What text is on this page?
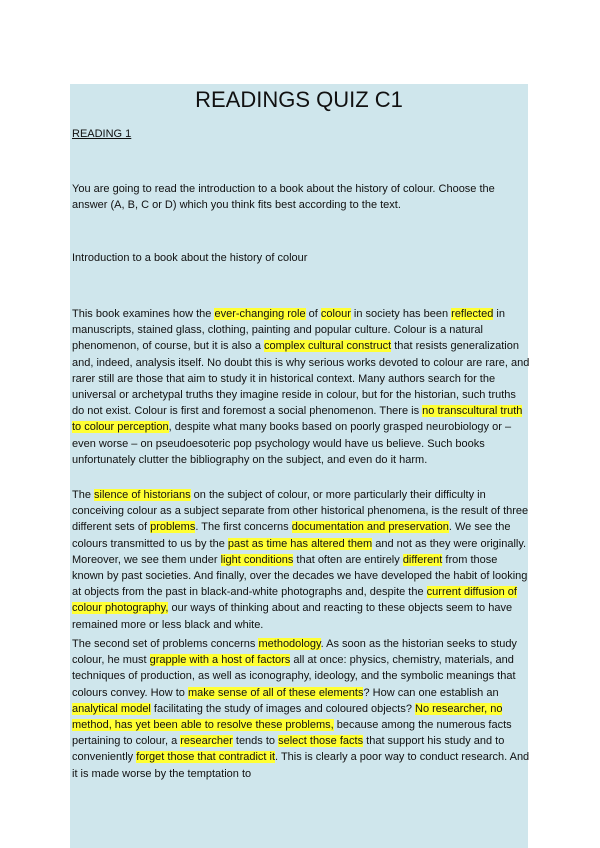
READINGS QUIZ C1

READING 1

You are going to read the introduction to a book about the history of colour. Choose the answer (A, B, C or D) which you think fits best according to the text.

Introduction to a book about the history of colour

This book examines how the ever-changing role of colour in society has been reflected in manuscripts, stained glass, clothing, painting and popular culture. Colour is a natural phenomenon, of course, but it is also a complex cultural construct that resists generalization and, indeed, analysis itself. No doubt this is why serious works devoted to colour are rare, and rarer still are those that aim to study it in historical context. Many authors search for the universal or archetypal truths they imagine reside in colour, but for the historian, such truths do not exist. Colour is first and foremost a social phenomenon. There is no transcultural truth to colour perception, despite what many books based on poorly grasped neurobiology or – even worse – on pseudoesoteric pop psychology would have us believe. Such books unfortunately clutter the bibliography on the subject, and even do it harm.

The silence of historians on the subject of colour, or more particularly their difficulty in conceiving colour as a subject separate from other historical phenomena, is the result of three different sets of problems. The first concerns documentation and preservation. We see the colours transmitted to us by the past as time has altered them and not as they were originally. Moreover, we see them under light conditions that often are entirely different from those known by past societies. And finally, over the decades we have developed the habit of looking at objects from the past in black-and-white photographs and, despite the current diffusion of colour photography, our ways of thinking about and reacting to these objects seem to have remained more or less black and white.

The second set of problems concerns methodology. As soon as the historian seeks to study colour, he must grapple with a host of factors all at once: physics, chemistry, materials, and techniques of production, as well as iconography, ideology, and the symbolic meanings that colours convey. How to make sense of all of these elements? How can one establish an analytical model facilitating the study of images and coloured objects? No researcher, no method, has yet been able to resolve these problems, because among the numerous facts pertaining to colour, a researcher tends to select those facts that support his study and to conveniently forget those that contradict it. This is clearly a poor way to conduct research. And it is made worse by the temptation to
